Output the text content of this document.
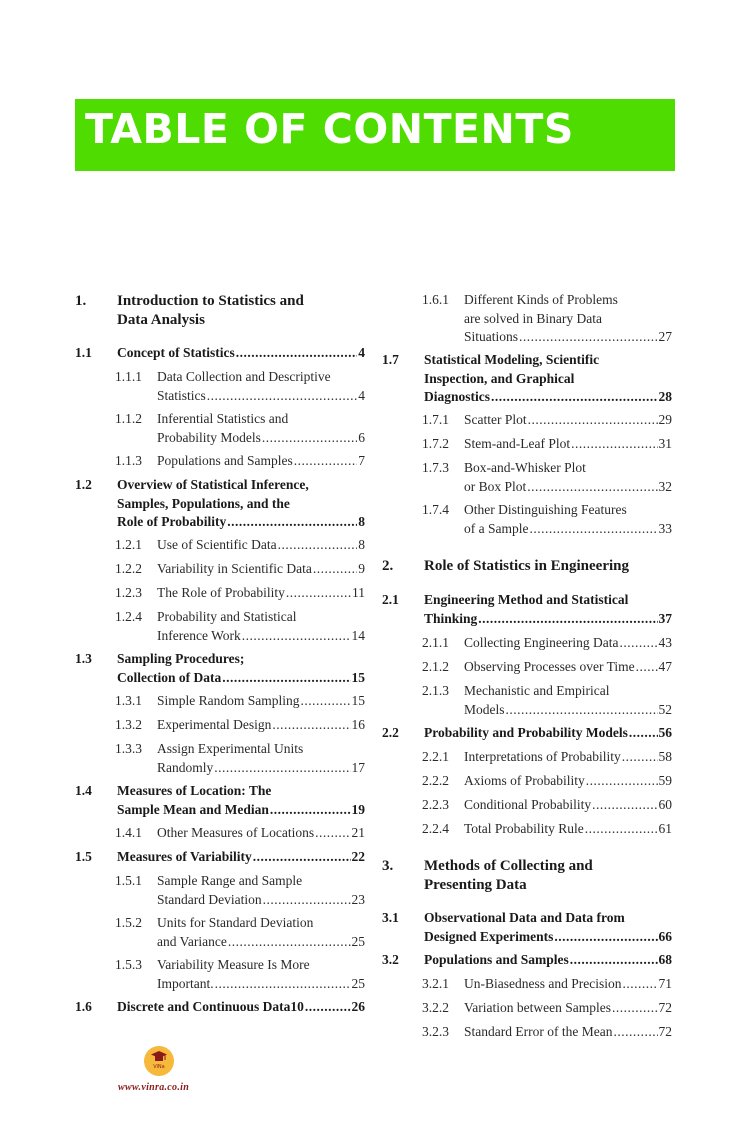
TABLE OF CONTENTS
1. Introduction to Statistics and
Data Analysis
1.1 Concept of Statistics .....	4
1.1.1 Data Collection and Descriptive
Statistics .....	4
1.1.2 Inferential Statistics and
Probability Models .....	6
1.1.3 Populations and Samples .....	7
1.2 Overview of Statistical Inference,
Samples, Populations, and the
Role of Probability .....	8
1.2.1 Use of Scientific Data .....	8
1.2.2 Variability in Scientific Data .....	9
1.2.3 The Role of Probability .....	11
1.2.4 Probability and Statistical
Inference Work .....	14
1.3 Sampling Procedures;
Collection of Data .....	15
1.3.1 Simple Random Sampling .....	15
1.3.2 Experimental Design .....	16
1.3.3 Assign Experimental Units
Randomly .....	17
1.4 Measures of Location: The
Sample Mean and Median .....	19
1.4.1 Other Measures of Locations .....	21
1.5 Measures of Variability .....	22
1.5.1 Sample Range and Sample
Standard Deviation .....	23
1.5.2 Units for Standard Deviation
and Variance .....	25
1.5.3 Variability Measure Is More
Important. .....	25
1.6 Discrete and Continuous Data10 .....	26
1.6.1 Different Kinds of Problems
are solved in Binary Data
Situations .....	27
1.7 Statistical Modeling, Scientific
Inspection, and Graphical
Diagnostics .....	28
1.7.1 Scatter Plot .....	29
1.7.2 Stem-and-Leaf Plot .....	31
1.7.3 Box-and-Whisker Plot
or Box Plot .....	32
1.7.4 Other Distinguishing Features
of a Sample .....	33
2. Role of Statistics in Engineering
2.1 Engineering Method and Statistical
Thinking .....	37
2.1.1 Collecting Engineering Data .....	43
2.1.2 Observing Processes over Time ..... 47
2.1.3 Mechanistic and Empirical
Models .....	52
2.2 Probability and Probability Models ..... 56
2.2.1 Interpretations of Probability .....	58
2.2.2 Axioms of Probability .....	59
2.2.3 Conditional Probability .....	60
2.2.4 Total Probability Rule .....	61
3. Methods of Collecting and
Presenting Data
3.1 Observational Data and Data from
Designed Experiments .....	66
3.2 Populations and Samples .....	68
3.2.1 Un-Biasedness and Precision .....	71
3.2.2 Variation between Samples .....	72
3.2.3 Standard Error of the Mean .....	72
ViNa
www.vinra.co.in
